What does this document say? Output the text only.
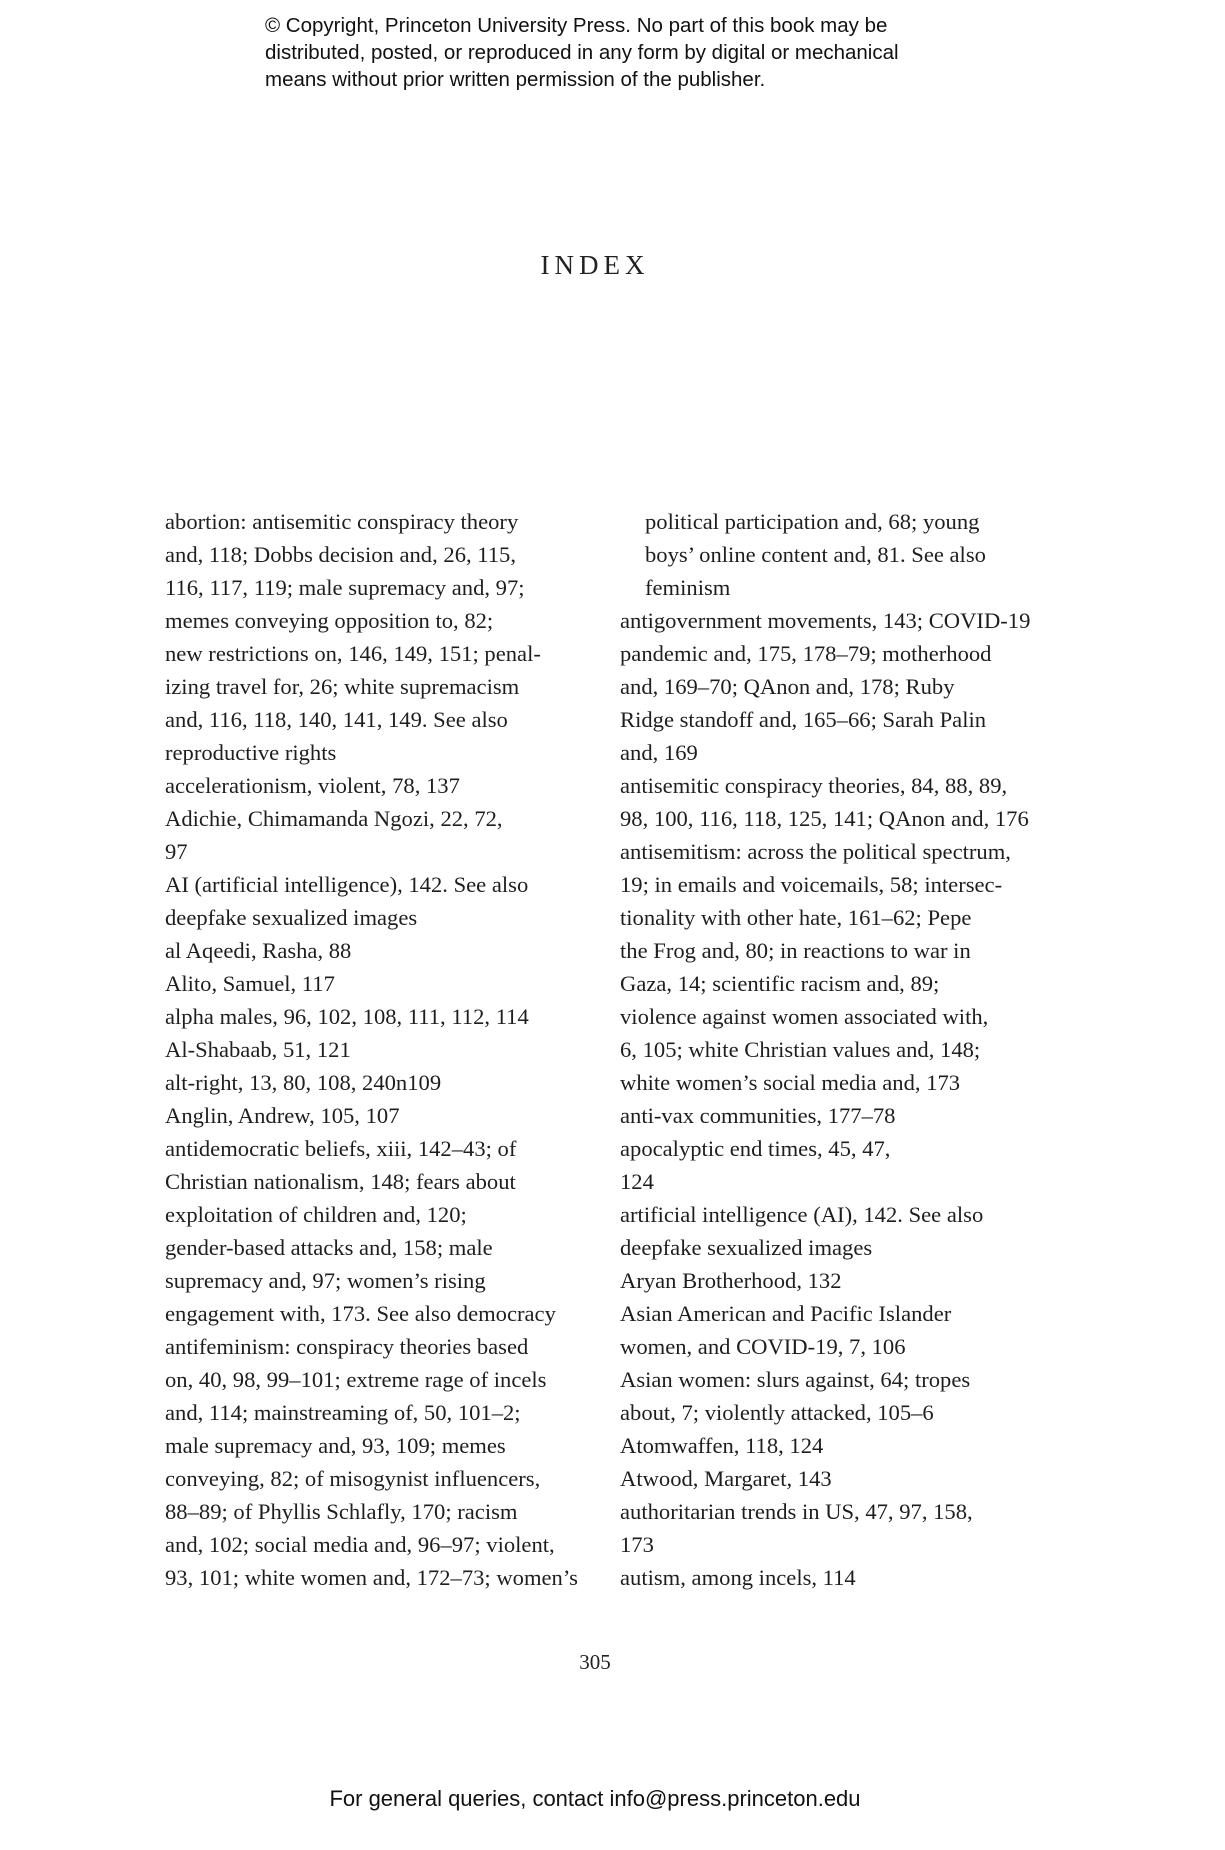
© Copyright, Princeton University Press. No part of this book may be
distributed, posted, or reproduced in any form by digital or mechanical
means without prior written permission of the publisher.
INDEX
abortion: antisemitic conspiracy theory
and, 118; Dobbs decision and, 26, 115,
116, 117, 119; male supremacy and, 97;
memes conveying opposition to, 82;
new restrictions on, 146, 149, 151; penal-
izing travel for, 26; white supremacism
and, 116, 118, 140, 141, 149. See also
reproductive rights
accelerationism, violent, 78, 137
Adichie, Chimamanda Ngozi, 22, 72,
97
AI (artificial intelligence), 142. See also
deepfake sexualized images
al Aqeedi, Rasha, 88
Alito, Samuel, 117
alpha males, 96, 102, 108, 111, 112, 114
Al-Shabaab, 51, 121
alt-right, 13, 80, 108, 240n109
Anglin, Andrew, 105, 107
antidemocratic beliefs, xiii, 142–43; of
Christian nationalism, 148; fears about
exploitation of children and, 120;
gender-based attacks and, 158; male
supremacy and, 97; women’s rising
engagement with, 173. See also democracy
antifeminism: conspiracy theories based
on, 40, 98, 99–101; extreme rage of incels
and, 114; mainstreaming of, 50, 101–2;
male supremacy and, 93, 109; memes
conveying, 82; of misogynist influencers,
88–89; of Phyllis Schlafly, 170; racism
and, 102; social media and, 96–97; violent,
93, 101; white women and, 172–73; women’s
political participation and, 68; young
boys’ online content and, 81. See also
feminism
antigovernment movements, 143; COVID-19
pandemic and, 175, 178–79; motherhood
and, 169–70; QAnon and, 178; Ruby
Ridge standoff and, 165–66; Sarah Palin
and, 169
antisemitic conspiracy theories, 84, 88, 89,
98, 100, 116, 118, 125, 141; QAnon and, 176
antisemitism: across the political spectrum,
19; in emails and voicemails, 58; intersec-
tionality with other hate, 161–62; Pepe
the Frog and, 80; in reactions to war in
Gaza, 14; scientific racism and, 89;
violence against women associated with,
6, 105; white Christian values and, 148;
white women’s social media and, 173
anti-vax communities, 177–78
apocalyptic end times, 45, 47,
124
artificial intelligence (AI), 142. See also
deepfake sexualized images
Aryan Brotherhood, 132
Asian American and Pacific Islander
women, and COVID-19, 7, 106
Asian women: slurs against, 64; tropes
about, 7; violently attacked, 105–6
Atomwaffen, 118, 124
Atwood, Margaret, 143
authoritarian trends in US, 47, 97, 158,
173
autism, among incels, 114
305
For general queries, contact info@press.princeton.edu
